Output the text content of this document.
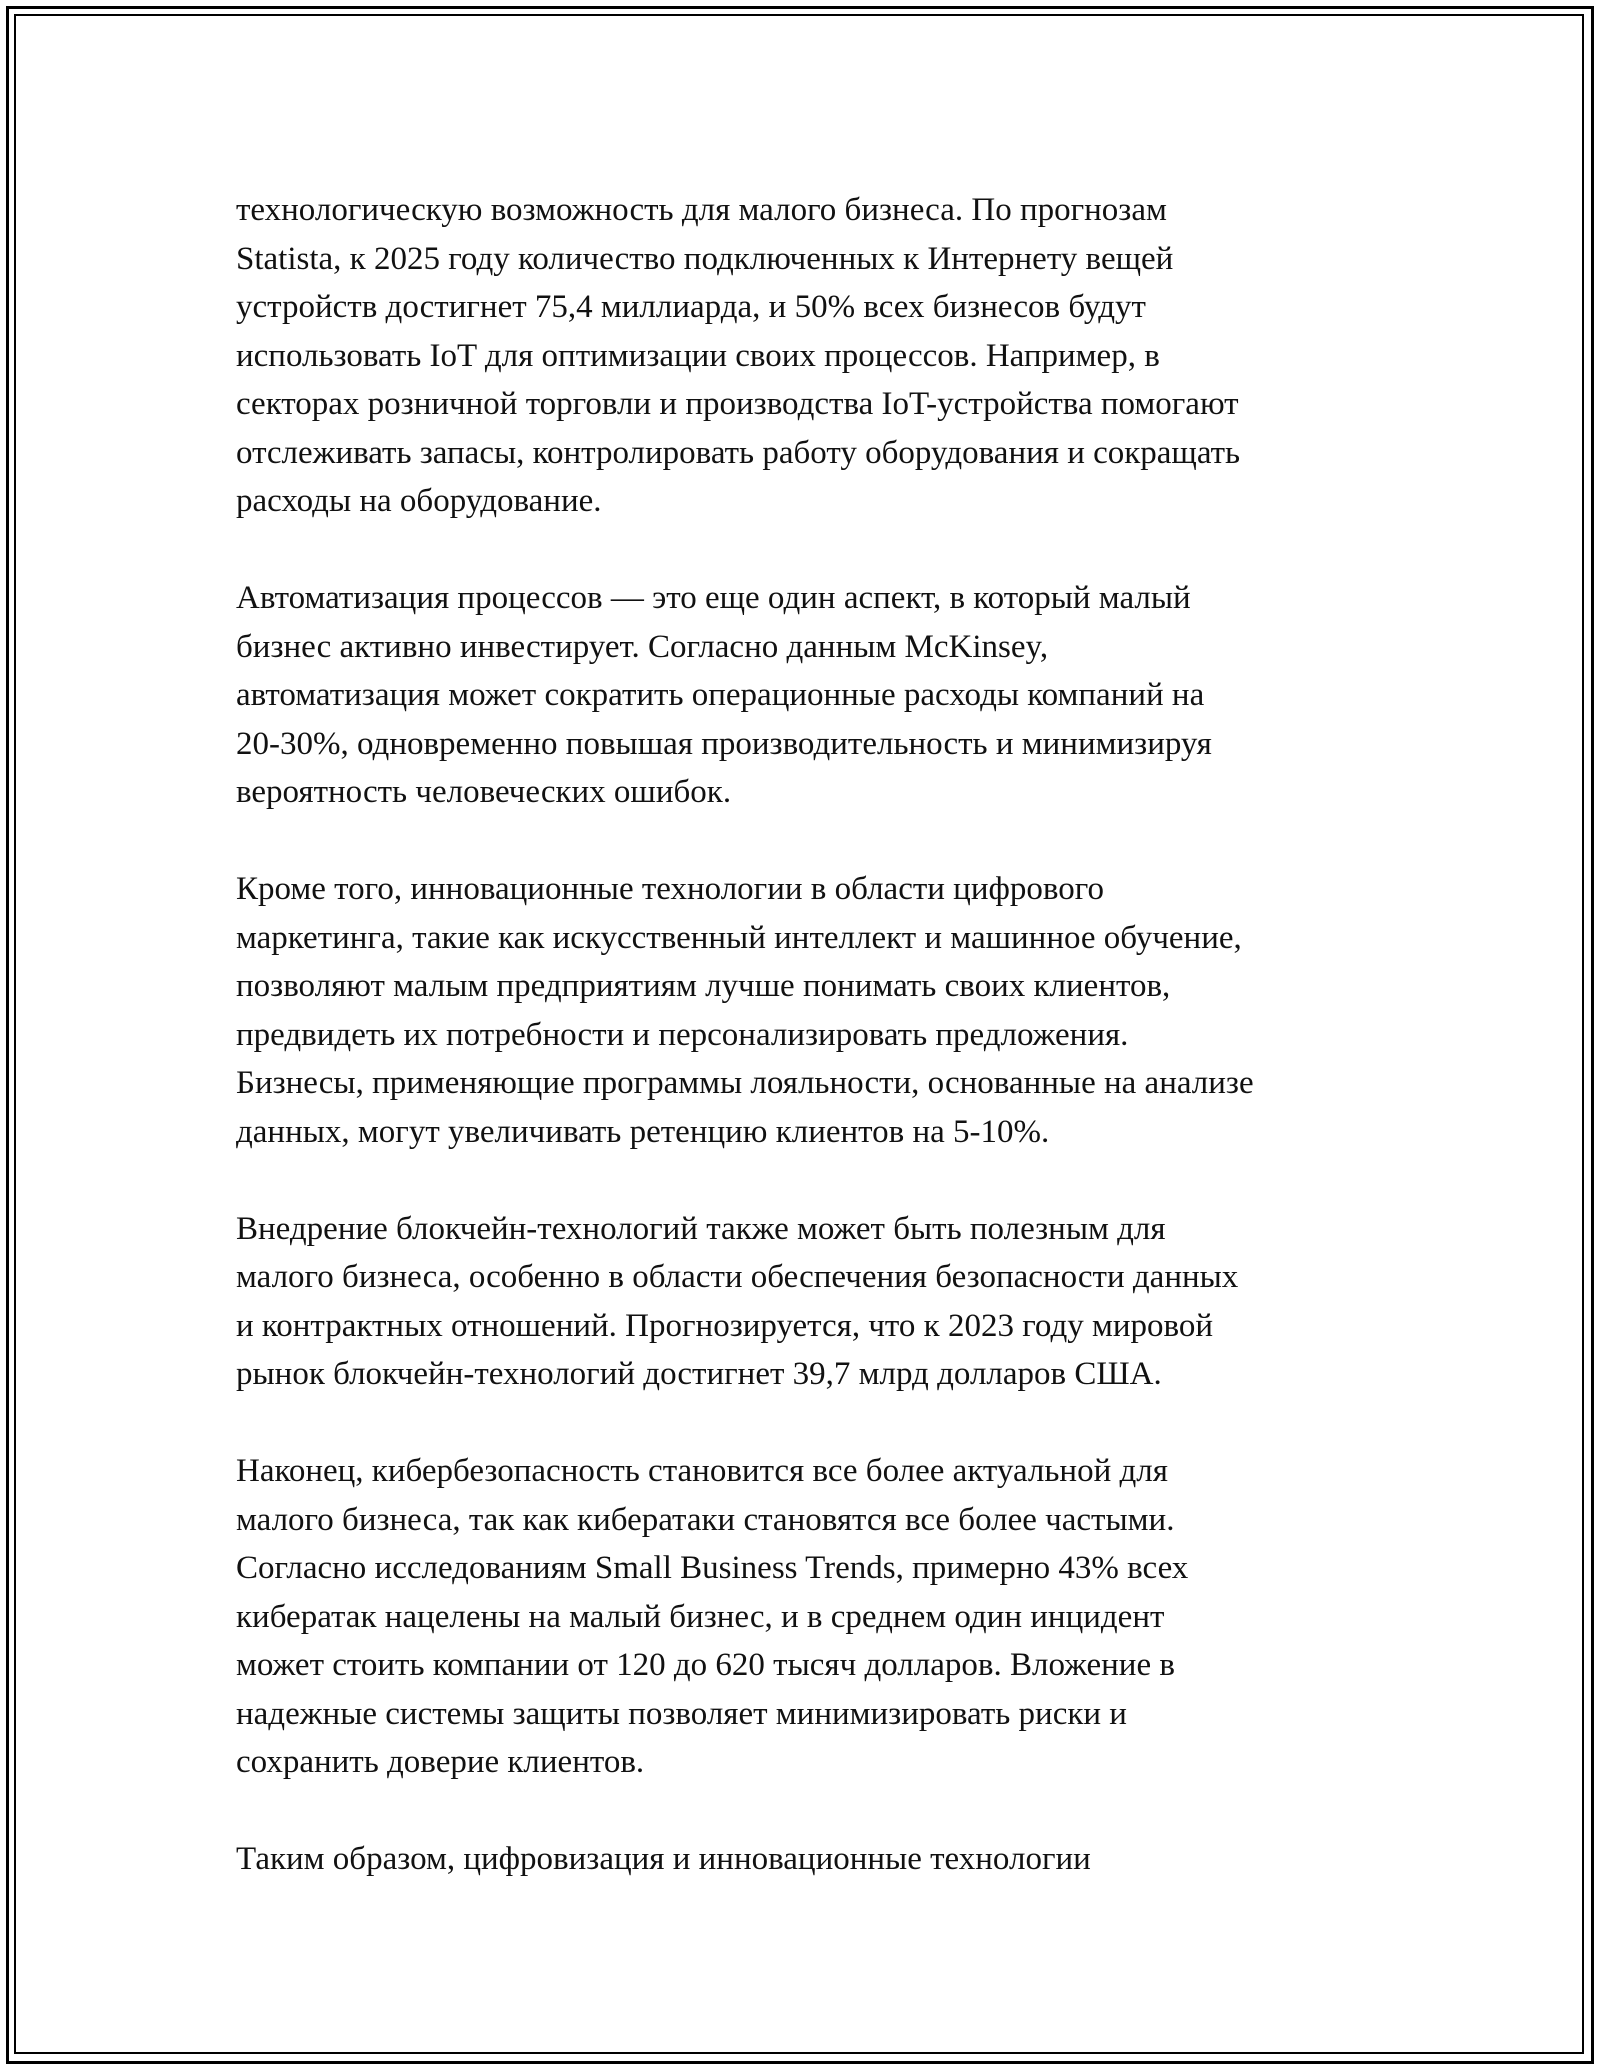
технологическую возможность для малого бизнеса. По прогнозам
Statista, к 2025 году количество подключенных к Интернету вещей
устройств достигнет 75,4 миллиарда, и 50% всех бизнесов будут
использовать IoT для оптимизации своих процессов. Например, в
секторах розничной торговли и производства IoT-устройства помогают
отслеживать запасы, контролировать работу оборудования и сокращать
расходы на оборудование.

Автоматизация процессов — это еще один аспект, в который малый
бизнес активно инвестирует. Согласно данным McKinsey,
автоматизация может сократить операционные расходы компаний на
20-30%, одновременно повышая производительность и минимизируя
вероятность человеческих ошибок.

Кроме того, инновационные технологии в области цифрового
маркетинга, такие как искусственный интеллект и машинное обучение,
позволяют малым предприятиям лучше понимать своих клиентов,
предвидеть их потребности и персонализировать предложения.
Бизнесы, применяющие программы лояльности, основанные на анализе
данных, могут увеличивать ретенцию клиентов на 5-10%.

Внедрение блокчейн-технологий также может быть полезным для
малого бизнеса, особенно в области обеспечения безопасности данных
и контрактных отношений. Прогнозируется, что к 2023 году мировой
рынок блокчейн-технологий достигнет 39,7 млрд долларов США.

Наконец, кибербезопасность становится все более актуальной для
малого бизнеса, так как кибератаки становятся все более частыми.
Согласно исследованиям Small Business Trends, примерно 43% всех
кибератак нацелены на малый бизнес, и в среднем один инцидент
может стоить компании от 120 до 620 тысяч долларов. Вложение в
надежные системы защиты позволяет минимизировать риски и
сохранить доверие клиентов.

Таким образом, цифровизация и инновационные технологии
